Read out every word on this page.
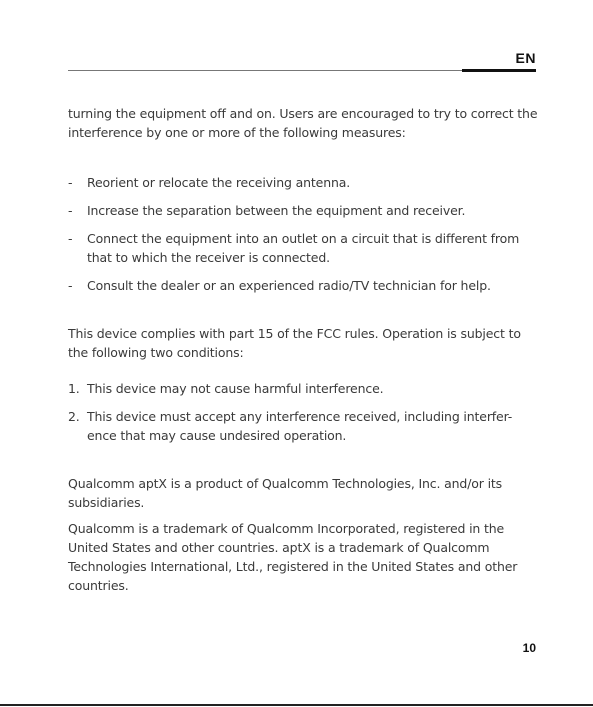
EN

turning the equipment off and on. Users are encouraged to try to correct the interference by one or more of the following measures:

- Reorient or relocate the receiving antenna.
- Increase the separation between the equipment and receiver.
- Connect the equipment into an outlet on a circuit that is different from that to which the receiver is connected.
- Consult the dealer or an experienced radio/TV technician for help.

This device complies with part 15 of the FCC rules. Operation is subject to the following two conditions:

1. This device may not cause harmful interference.
2. This device must accept any interference received, including interfer-ence that may cause undesired operation.

Qualcomm aptX is a product of Qualcomm Technologies, Inc. and/or its subsidiaries.

Qualcomm is a trademark of Qualcomm Incorporated, registered in the United States and other countries. aptX is a trademark of Qualcomm Technologies International, Ltd., registered in the United States and other countries.

10
